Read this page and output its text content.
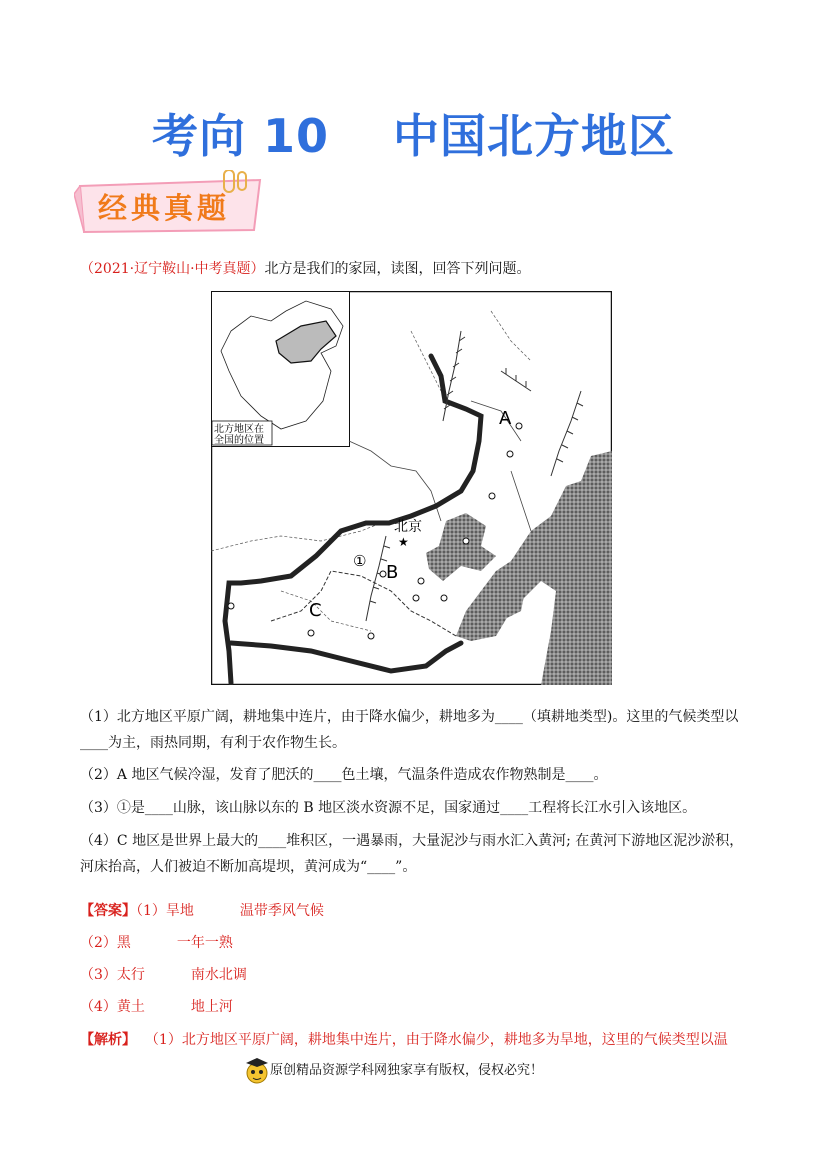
考向 10　 中国北方地区
经典真题
（2021·辽宁鞍山·中考真题）北方是我们的家园，读图，回答下列问题。
北方地区在
全国的位置
★
北京
A
B
C
①
（1）北方地区平原广阔，耕地集中连片，由于降水偏少，耕地多为____（填耕地类型)。这里的气候类型以____为主，雨热同期，有利于农作物生长。
（2）A 地区气候冷湿，发育了肥沃的____色土壤，气温条件造成农作物熟制是____。
（3）①是____山脉，该山脉以东的 B 地区淡水资源不足，国家通过____工程将长江水引入该地区。
（4）C 地区是世界上最大的____堆积区，一遇暴雨，大量泥沙与雨水汇入黄河; 在黄河下游地区泥沙淤积，河床抬高，人们被迫不断加高堤坝，黄河成为“____”。
【答案】（1）旱地	温带季风气候
（2）黑	一年一熟
（3）太行	南水北调
（4）黄土	地上河
【解析】 （1）北方地区平原广阔，耕地集中连片，由于降水偏少，耕地多为旱地，这里的气候类型以温
原创精品资源学科网独家享有版权，侵权必究！
